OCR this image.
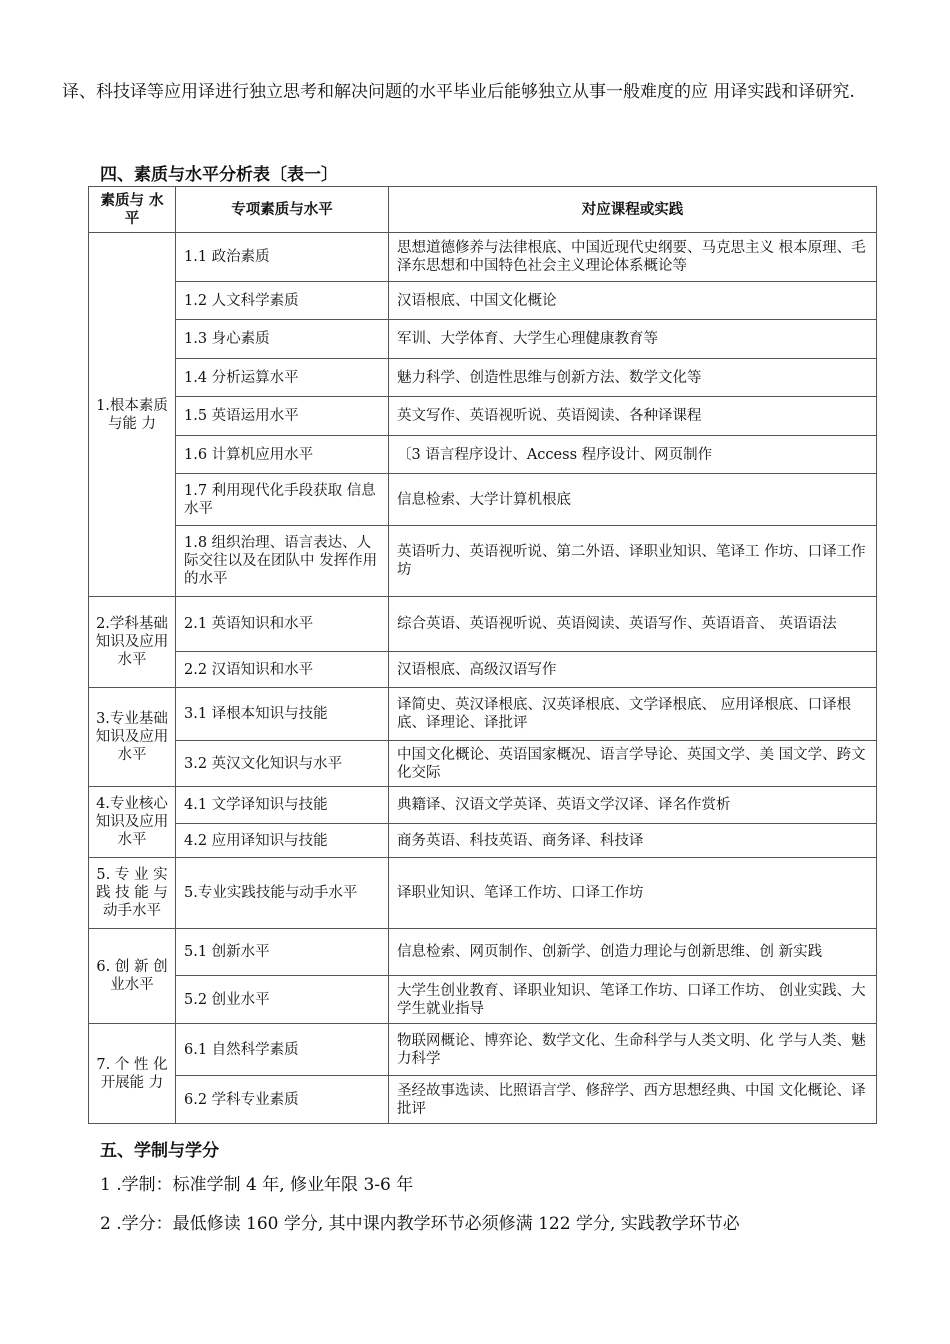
译、科技译等应用译进行独立思考和解决问题的水平毕业后能够独立从事一般难度的应 用译实践和译研究.

四、素质与水平分析表〔表一〕

素质与 水平	专项素质与水平	对应课程或实践
1.根本素质与能 力	1.1 政治素质	思想道德修养与法律根底、中国近现代史纲要、马克思主义 根本原理、毛泽东思想和中国特色社会主义理论体系概论等
	1.2 人文科学素质	汉语根底、中国文化概论
	1.3 身心素质	军训、大学体育、大学生心理健康教育等
	1.4 分析运算水平	魅力科学、创造性思维与创新方法、数学文化等
	1.5 英语运用水平	英文写作、英语视听说、英语阅读、各种译课程
	1.6 计算机应用水平	〔3 语言程序设计、Access 程序设计、网页制作
	1.7 利用现代化手段获取 信息水平	信息检索、大学计算机根底
	1.8 组织治理、语言表达、人际交往以及在团队中 发挥作用的水平	英语听力、英语视听说、第二外语、译职业知识、笔译工 作坊、口译工作坊
2.学科基础知识及应用水平	2.1 英语知识和水平	综合英语、英语视听说、英语阅读、英语写作、英语语音、 英语语法
	2.2 汉语知识和水平	汉语根底、高级汉语写作
3.专业基础知识及应用水平	3.1 译根本知识与技能	译简史、英汉译根底、汉英译根底、文学译根底、 应用译根底、口译根底、译理论、译批评
	3.2 英汉文化知识与水平	中国文化概论、英语国家概况、语言学导论、英国文学、美 国文学、跨文化交际
4.专业核心知识及应用水平	4.1 文学译知识与技能	典籍译、汉语文学英译、英语文学汉译、译名作赏析
	4.2 应用译知识与技能	商务英语、科技英语、商务译、科技译
5. 专 业 实 践 技 能 与 动手水平	5.专业实践技能与动手水平	译职业知识、笔译工作坊、口译工作坊
6. 创 新 创 业水平	5.1 创新水平	信息检索、网页制作、创新学、创造力理论与创新思维、创 新实践
	5.2 创业水平	大学生创业教育、译职业知识、笔译工作坊、口译工作坊、 创业实践、大学生就业指导
7. 个 性 化 开展能 力	6.1 自然科学素质	物联网概论、博弈论、数学文化、生命科学与人类文明、化 学与人类、魅力科学
	6.2 学科专业素质	圣经故事选读、比照语言学、修辞学、西方思想经典、中国 文化概论、译批评

五、学制与学分

1 .学制：标准学制 4 年, 修业年限 3-6 年

2 .学分：最低修读 160 学分, 其中课内教学环节必须修满 122 学分, 实践教学环节必
